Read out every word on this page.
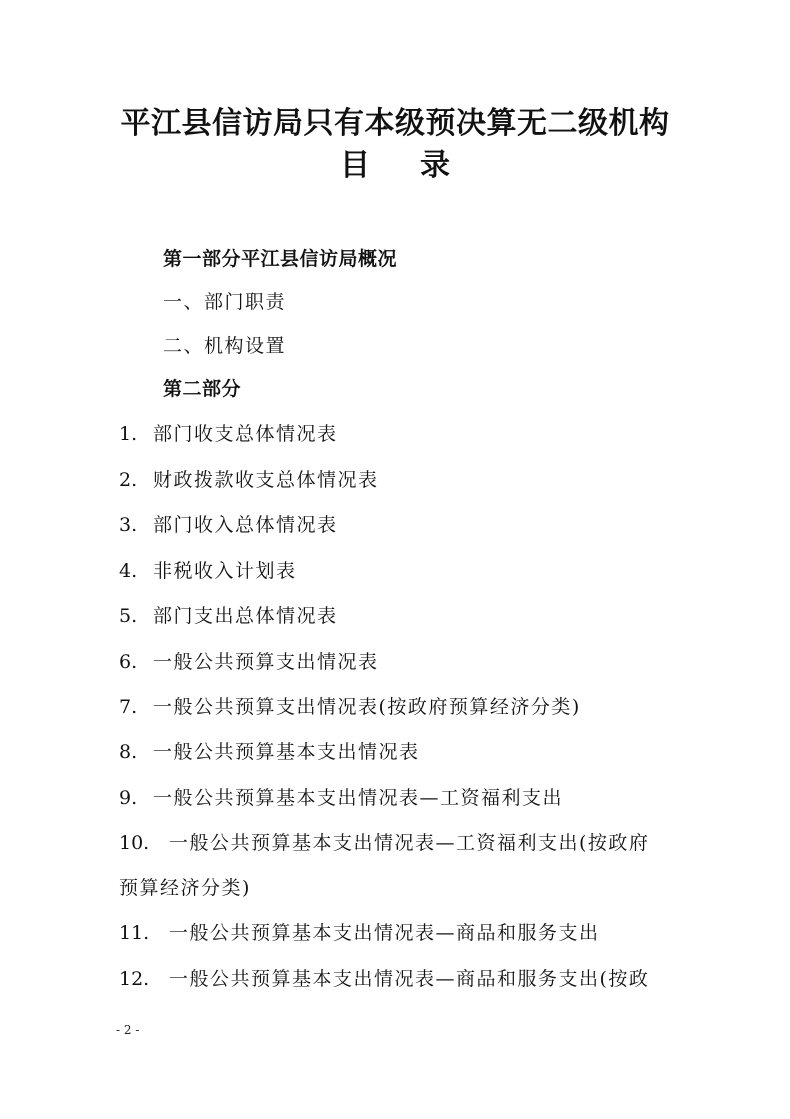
平江县信访局只有本级预决算无二级机构
目录
第一部分平江县信访局概况
一、部门职责
二、机构设置
第二部分
1. 部门收支总体情况表
2. 财政拨款收支总体情况表
3. 部门收入总体情况表
4. 非税收入计划表
5. 部门支出总体情况表
6. 一般公共预算支出情况表
7. 一般公共预算支出情况表(按政府预算经济分类)
8. 一般公共预算基本支出情况表
9. 一般公共预算基本支出情况表—工资福利支出
10. 一般公共预算基本支出情况表—工资福利支出(按政府
预算经济分类)
11. 一般公共预算基本支出情况表—商品和服务支出
12. 一般公共预算基本支出情况表—商品和服务支出(按政
- 2 -
